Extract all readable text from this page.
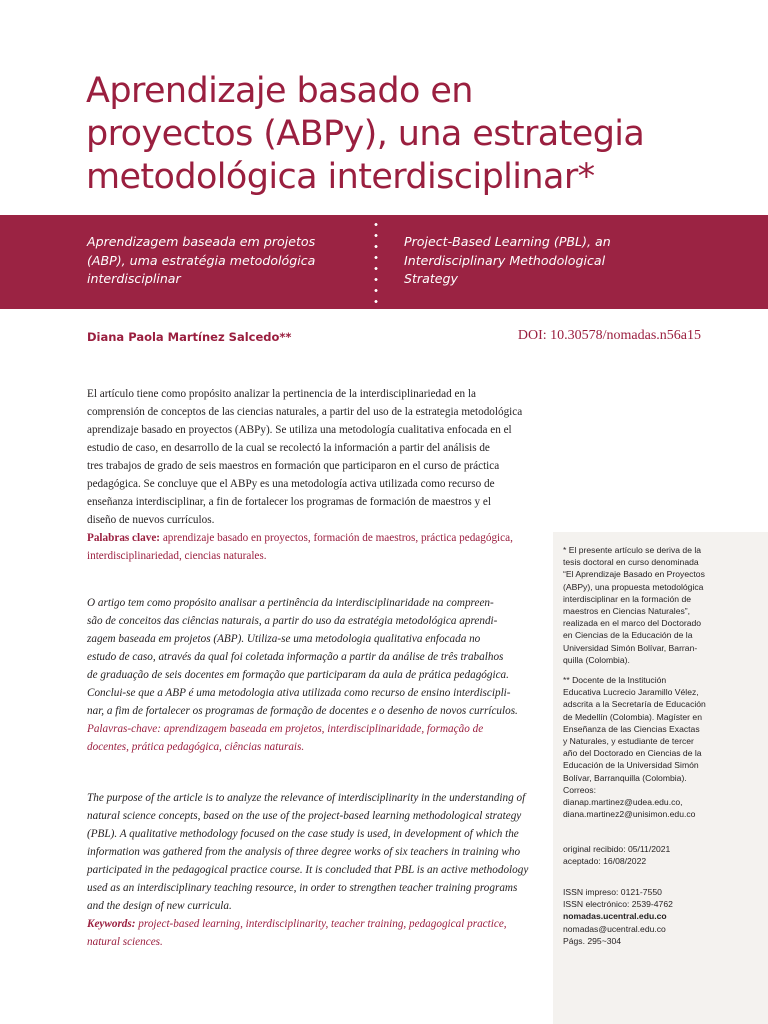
Aprendizaje basado en
proyectos (ABPy), una estrategia
metodológica interdisciplinar*
Aprendizagem baseada em projetos
(ABP), uma estratégia metodológica
interdisciplinar
Project-Based Learning (PBL), an
Interdisciplinary Methodological
Strategy
Diana Paola Martínez Salcedo**	DOI: 10.30578/nomadas.n56a15
El artículo tiene como propósito analizar la pertinencia de la interdisciplinariedad en la
comprensión de conceptos de las ciencias naturales, a partir del uso de la estrategia metodológica
aprendizaje basado en proyectos (ABPy). Se utiliza una metodología cualitativa enfocada en el
estudio de caso, en desarrollo de la cual se recolectó la información a partir del análisis de
tres trabajos de grado de seis maestros en formación que participaron en el curso de práctica
pedagógica. Se concluye que el ABPy es una metodología activa utilizada como recurso de
enseñanza interdisciplinar, a fin de fortalecer los programas de formación de maestros y el
diseño de nuevos currículos.
Palabras clave: aprendizaje basado en proyectos, formación de maestros, práctica pedagógica,
interdisciplinariedad, ciencias naturales.
O artigo tem como propósito analisar a pertinência da interdisciplinaridade na compreen-
são de conceitos das ciências naturais, a partir do uso da estratégia metodológica aprendi-
zagem baseada em projetos (ABP). Utiliza-se uma metodologia qualitativa enfocada no
estudo de caso, através da qual foi coletada informação a partir da análise de três trabalhos
de graduação de seis docentes em formação que participaram da aula de prática pedagógica.
Conclui-se que a ABP é uma metodologia ativa utilizada como recurso de ensino interdiscipli-
nar, a fim de fortalecer os programas de formação de docentes e o desenho de novos currículos.
Palavras-chave: aprendizagem baseada em projetos, interdisciplinaridade, formação de
docentes, prática pedagógica, ciências naturais.
The purpose of the article is to analyze the relevance of interdisciplinarity in the understanding of
natural science concepts, based on the use of the project-based learning methodological strategy
(PBL). A qualitative methodology focused on the case study is used, in development of which the
information was gathered from the analysis of three degree works of six teachers in training who
participated in the pedagogical practice course. It is concluded that PBL is an active methodology
used as an interdisciplinary teaching resource, in order to strengthen teacher training programs
and the design of new curricula.
Keywords: project-based learning, interdisciplinarity, teacher training, pedagogical practice,
natural sciences.
* El presente artículo se deriva de la
tesis doctoral en curso denominada
“El Aprendizaje Basado en Proyectos
(ABPy), una propuesta metodológica
interdisciplinar en la formación de
maestros en Ciencias Naturales”,
realizada en el marco del Doctorado
en Ciencias de la Educación de la
Universidad Simón Bolívar, Barran-
quilla (Colombia).
** Docente de la Institución
Educativa Lucrecio Jaramillo Vélez,
adscrita a la Secretaría de Educación
de Medellín (Colombia). Magíster en
Enseñanza de las Ciencias Exactas
y Naturales, y estudiante de tercer
año del Doctorado en Ciencias de la
Educación de la Universidad Simón
Bolívar, Barranquilla (Colombia).
Correos:
dianap.martinez@udea.edu.co,
diana.martinez2@unisimon.edu.co
original recibido: 05/11/2021
aceptado: 16/08/2022
ISSN impreso: 0121-7550
ISSN electrónico: 2539-4762
nomadas.ucentral.edu.co
nomadas@ucentral.edu.co
Págs. 295~304
